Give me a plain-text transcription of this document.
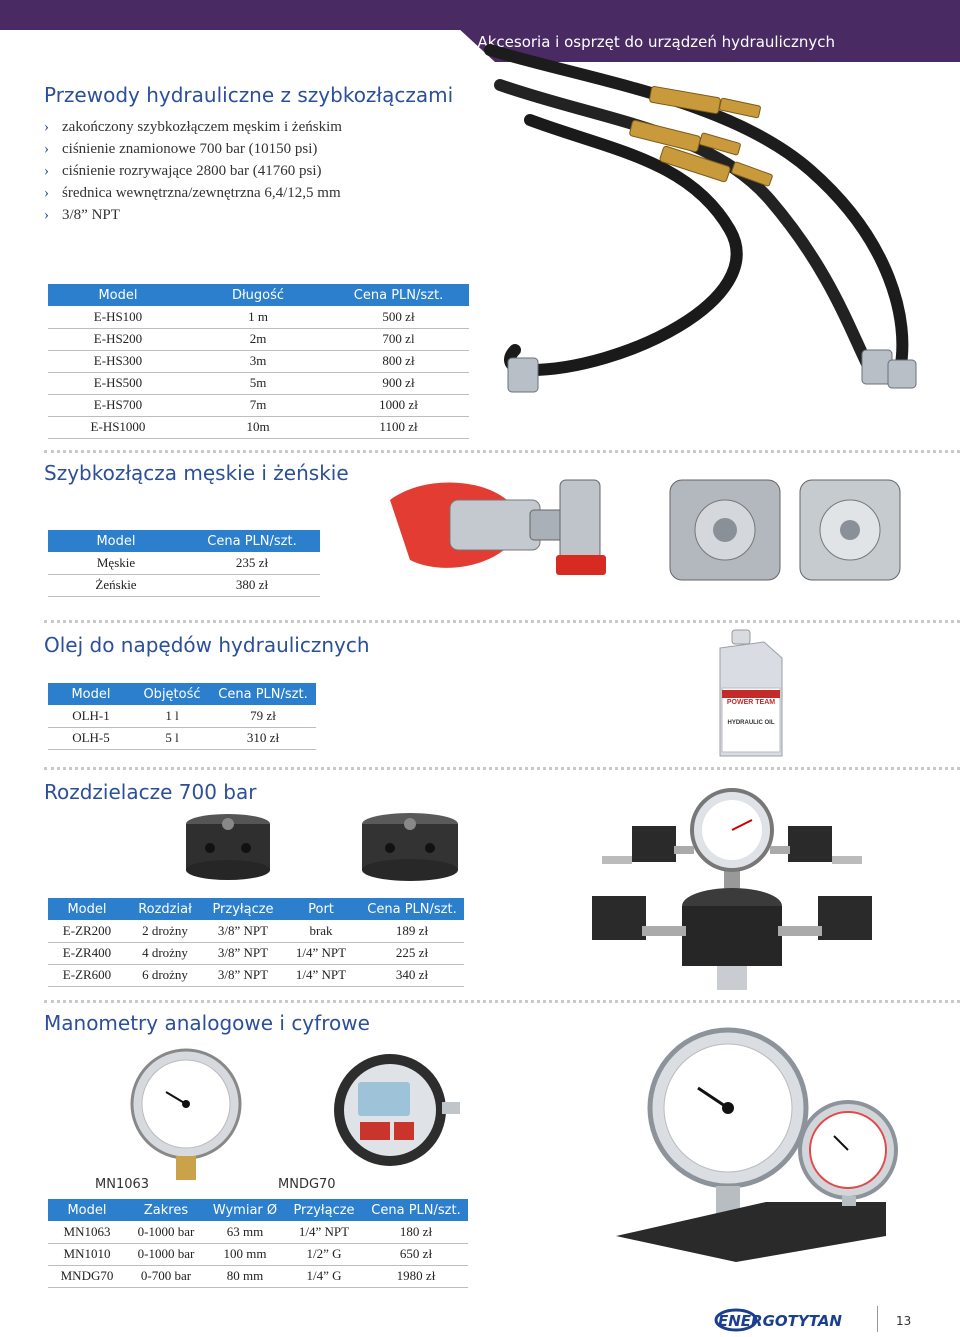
Akcesoria i osprzęt do urządzeń hydraulicznych
Przewody hydrauliczne z szybkozłączami
› zakończony szybkozłączem męskim i żeńskim
› ciśnienie znamionowe 700 bar (10150 psi)
› ciśnienie rozrywające 2800 bar (41760 psi)
› średnica wewnętrzna/zewnętrzna 6,4/12,5 mm
› 3/8” NPT
Model	Długość	Cena PLN/szt.
E-HS100	1 m	500 zł
E-HS200	2m	700 zl
E-HS300	3m	800 zł
E-HS500	5m	900 zł
E-HS700	7m	1000 zł
E-HS1000	10m	1100 zł
Szybkozłącza męskie i żeńskie
Model	Cena PLN/szt.
Męskie	235 zł
Żeńskie	380 zł
Olej do napędów hydraulicznych
POWER TEAM
HYDRAULIC OIL
Model	Objętość	Cena PLN/szt.
OLH-1	1 l	79 zł
OLH-5	5 l	310 zł
Rozdzielacze 700 bar
Model	Rozdział	Przyłącze	Port	Cena PLN/szt.
E-ZR200	2 drożny	3/8” NPT	brak	189 zł
E-ZR400	4 drożny	3/8” NPT	1/4” NPT	225 zł
E-ZR600	6 drożny	3/8” NPT	1/4” NPT	340 zł
Manometry analogowe i cyfrowe
MN1063	MNDG70
Model	Zakres	Wymiar Ø	Przyłącze	Cena PLN/szt.
MN1063	0-1000 bar	63 mm	1/4” NPT	180 zł
MN1010	0-1000 bar	100 mm	1/2” G	650 zł
MNDG70	0-700 bar	80 mm	1/4” G	1980 zł
ENERGOTYTAN	13
